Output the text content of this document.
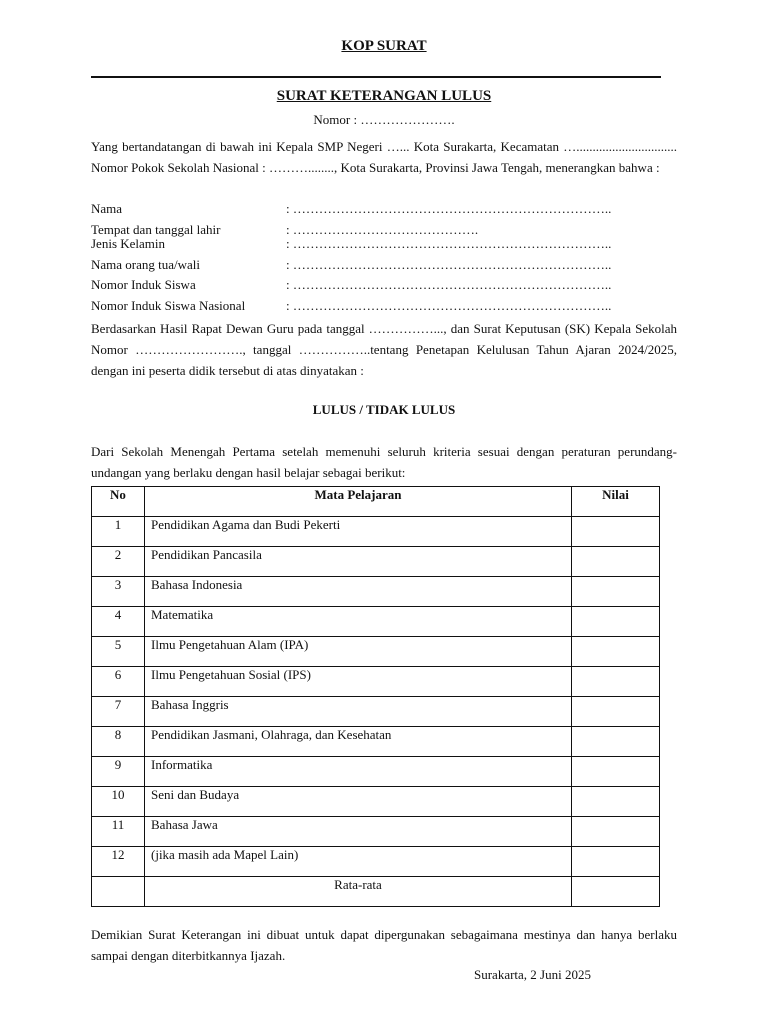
KOP SURAT
SURAT KETERANGAN LULUS
Nomor : ………………….
Yang bertandatangan di bawah ini Kepala SMP Negeri …... Kota Surakarta, Kecamatan …............................... Nomor Pokok Sekolah Nasional : ………........, Kota Surakarta, Provinsi Jawa Tengah, menerangkan bahwa :
Nama	: ………………………………………………………………..
Tempat dan tanggal lahir	: …………………………………….
Jenis Kelamin	: ………………………………………………………………..
Nama orang tua/wali	: ………………………………………………………………..
Nomor Induk Siswa	: ………………………………………………………………..
Nomor Induk Siswa Nasional	: ………………………………………………………………..
Berdasarkan Hasil Rapat Dewan Guru pada tanggal ……………..., dan Surat Keputusan (SK) Kepala Sekolah Nomor ……………………., tanggal ……………..tentang Penetapan Kelulusan Tahun Ajaran 2024/2025, dengan ini peserta didik tersebut di atas dinyatakan :
LULUS / TIDAK LULUS
Dari Sekolah Menengah Pertama setelah memenuhi seluruh kriteria sesuai dengan peraturan perundang-undangan yang berlaku dengan hasil belajar sebagai berikut:
No	Mata Pelajaran	Nilai
1	Pendidikan Agama dan Budi Pekerti	
2	Pendidikan Pancasila	
3	Bahasa Indonesia	
4	Matematika	
5	Ilmu Pengetahuan Alam (IPA)	
6	Ilmu Pengetahuan Sosial (IPS)	
7	Bahasa Inggris	
8	Pendidikan Jasmani, Olahraga, dan Kesehatan	
9	Informatika	
10	Seni dan Budaya	
11	Bahasa Jawa	
12	(jika masih ada Mapel Lain)	
	Rata-rata	
Demikian Surat Keterangan ini dibuat untuk dapat dipergunakan sebagaimana mestinya dan hanya berlaku sampai dengan diterbitkannya Ijazah.
Surakarta, 2 Juni 2025
